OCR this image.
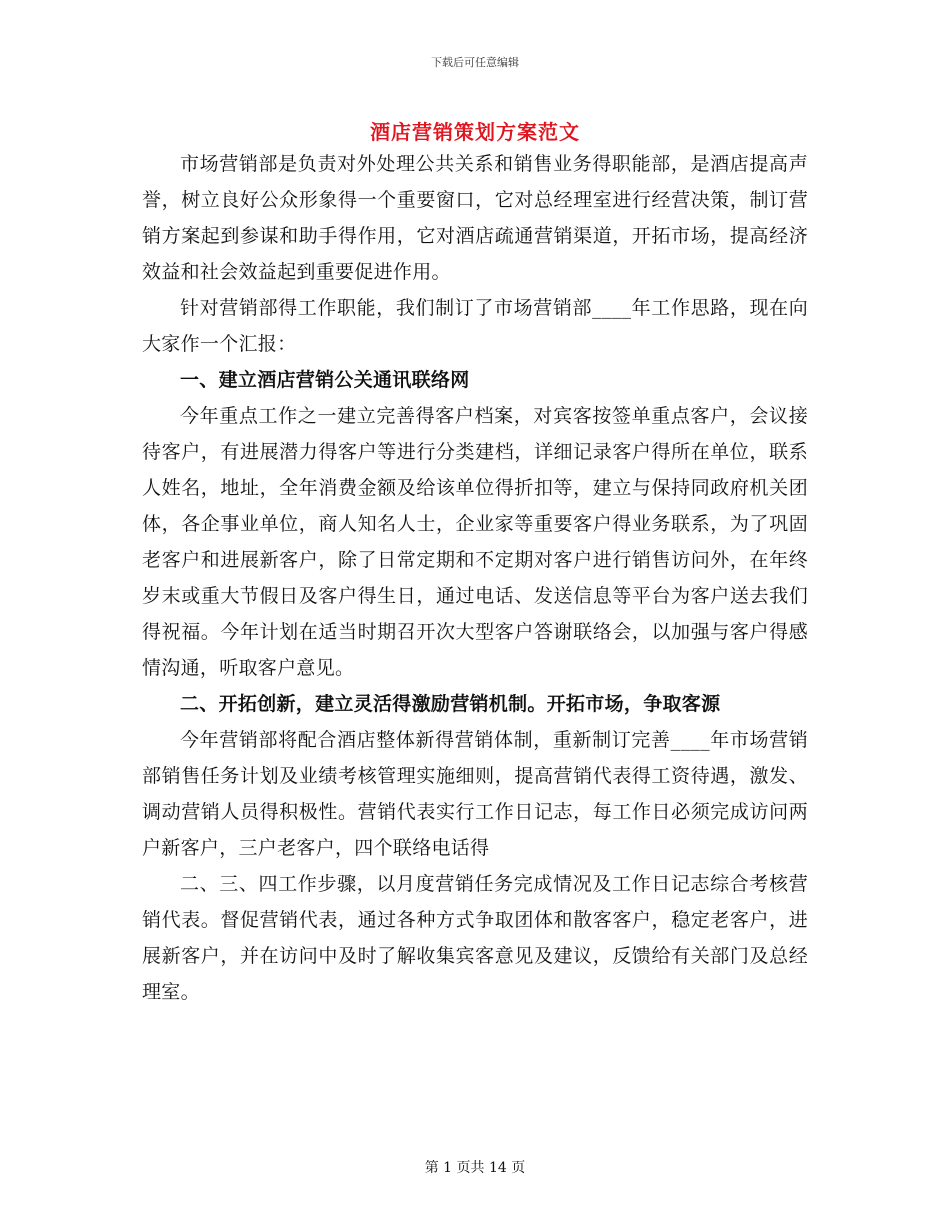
下载后可任意编辑
酒店营销策划方案范文

市场营销部是负责对外处理公共关系和销售业务得职能部，是酒店提高声誉，树立良好公众形象得一个重要窗口，它对总经理室进行经营决策，制订营销方案起到参谋和助手得作用，它对酒店疏通营销渠道，开拓市场，提高经济效益和社会效益起到重要促进作用。

针对营销部得工作职能，我们制订了市场营销部____年工作思路，现在向大家作一个汇报：

一、建立酒店营销公关通讯联络网

今年重点工作之一建立完善得客户档案，对宾客按签单重点客户，会议接待客户，有进展潜力得客户等进行分类建档，详细记录客户得所在单位，联系人姓名，地址，全年消费金额及给该单位得折扣等，建立与保持同政府机关团体，各企事业单位，商人知名人士，企业家等重要客户得业务联系，为了巩固老客户和进展新客户，除了日常定期和不定期对客户进行销售访问外，在年终岁末或重大节假日及客户得生日，通过电话、发送信息等平台为客户送去我们得祝福。今年计划在适当时期召开次大型客户答谢联络会，以加强与客户得感情沟通，听取客户意见。

二、开拓创新，建立灵活得激励营销机制。开拓市场，争取客源

今年营销部将配合酒店整体新得营销体制，重新制订完善____年市场营销部销售任务计划及业绩考核管理实施细则，提高营销代表得工资待遇，激发、调动营销人员得积极性。营销代表实行工作日记志，每工作日必须完成访问两户新客户，三户老客户，四个联络电话得

二、三、四工作步骤，以月度营销任务完成情况及工作日记志综合考核营销代表。督促营销代表，通过各种方式争取团体和散客客户，稳定老客户，进展新客户，并在访问中及时了解收集宾客意见及建议，反馈给有关部门及总经理室。

第 1 页共 14 页
